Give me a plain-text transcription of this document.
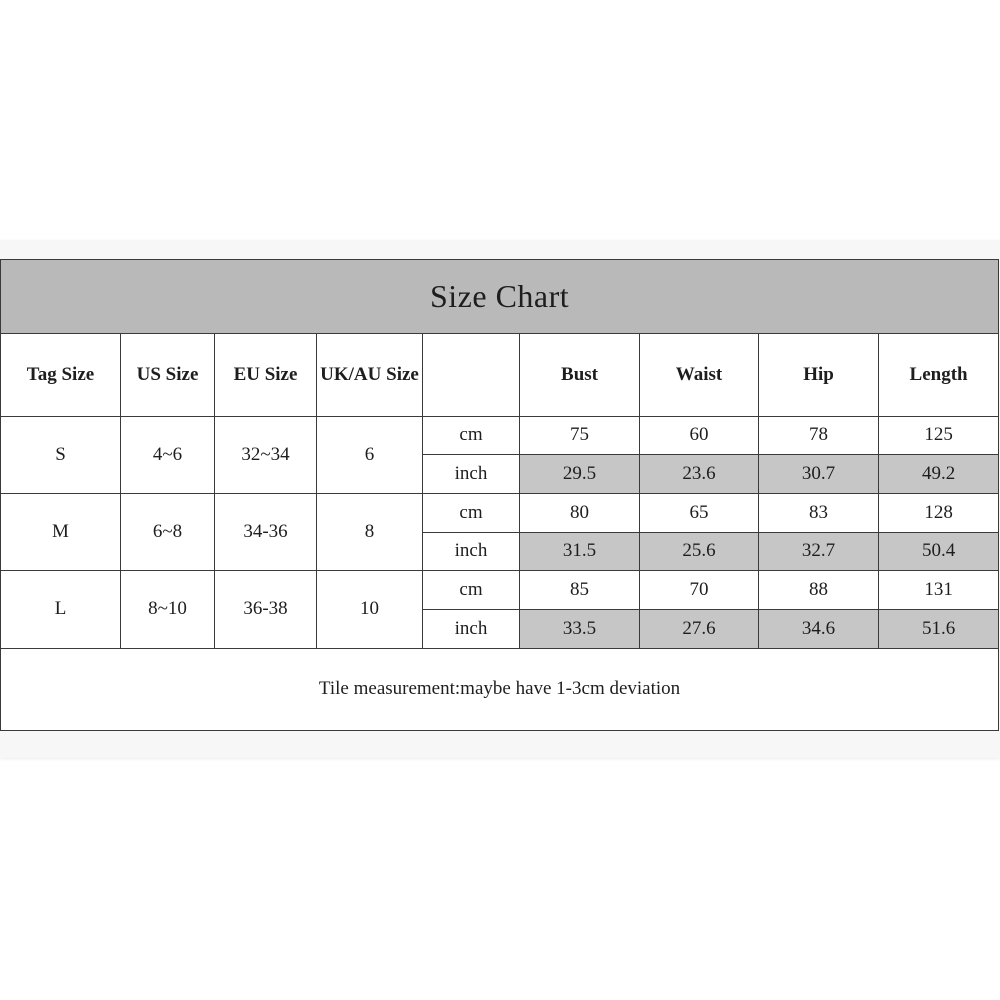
Size Chart								
Tag Size	US Size	EU Size	UK/AU Size		Bust	Waist	Hip	Length
S	4~6	32~34	6	cm	75	60	78	125
				inch	29.5	23.6	30.7	49.2
M	6~8	34-36	8	cm	80	65	83	128
				inch	31.5	25.6	32.7	50.4
L	8~10	36-38	10	cm	85	70	88	131
				inch	33.5	27.6	34.6	51.6
Tile measurement:maybe have 1-3cm deviation								
